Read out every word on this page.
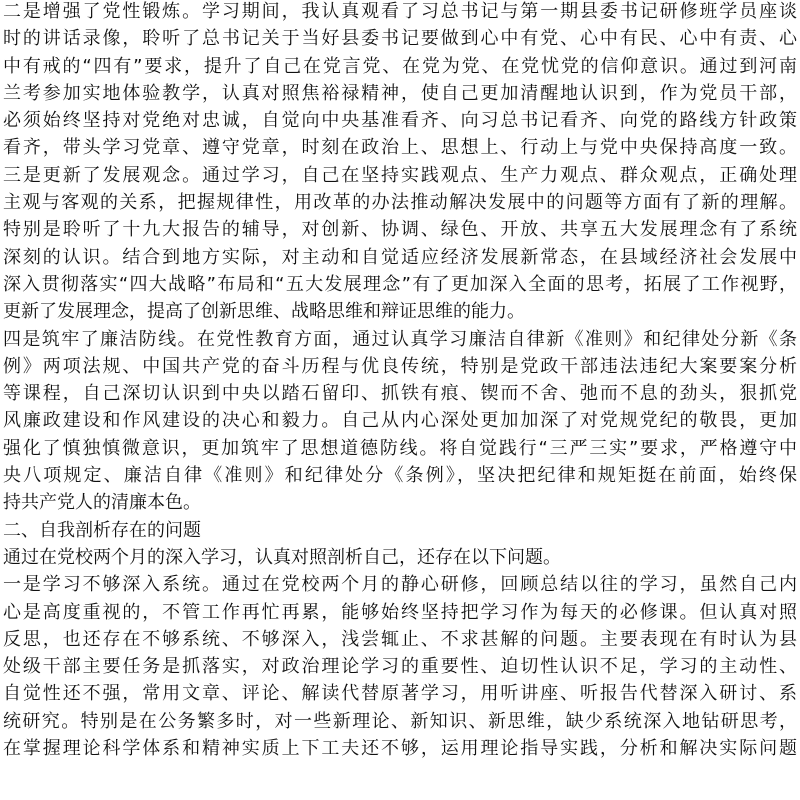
二是增强了党性锻炼。学习期间，我认真观看了习总书记与第一期县委书记研修班学员座谈
时的讲话录像，聆听了总书记关于当好县委书记要做到心中有党、心中有民、心中有责、心
中有戒的“四有”要求，提升了自己在党言党、在党为党、在党忧党的信仰意识。通过到河南
兰考参加实地体验教学，认真对照焦裕禄精神，使自己更加清醒地认识到，作为党员干部，
必须始终坚持对党绝对忠诚，自觉向中央基准看齐、向习总书记看齐、向党的路线方针政策
看齐，带头学习党章、遵守党章，时刻在政治上、思想上、行动上与党中央保持高度一致。
三是更新了发展观念。通过学习，自己在坚持实践观点、生产力观点、群众观点，正确处理
主观与客观的关系，把握规律性，用改革的办法推动解决发展中的问题等方面有了新的理解。
特别是聆听了十九大报告的辅导，对创新、协调、绿色、开放、共享五大发展理念有了系统
深刻的认识。结合到地方实际，对主动和自觉适应经济发展新常态，在县域经济社会发展中
深入贯彻落实“四大战略”布局和“五大发展理念”有了更加深入全面的思考，拓展了工作视野，
更新了发展理念，提高了创新思维、战略思维和辩证思维的能力。
四是筑牢了廉洁防线。在党性教育方面，通过认真学习廉洁自律新《准则》和纪律处分新《条
例》两项法规、中国共产党的奋斗历程与优良传统，特别是党政干部违法违纪大案要案分析
等课程，自己深切认识到中央以踏石留印、抓铁有痕、锲而不舍、弛而不息的劲头，狠抓党
风廉政建设和作风建设的决心和毅力。自己从内心深处更加加深了对党规党纪的敬畏，更加
强化了慎独慎微意识，更加筑牢了思想道德防线。将自觉践行“三严三实”要求，严格遵守中
央八项规定、廉洁自律《准则》和纪律处分《条例》，坚决把纪律和规矩挺在前面，始终保
持共产党人的清廉本色。
二、自我剖析存在的问题
通过在党校两个月的深入学习，认真对照剖析自己，还存在以下问题。
一是学习不够深入系统。通过在党校两个月的静心研修，回顾总结以往的学习，虽然自己内
心是高度重视的，不管工作再忙再累，能够始终坚持把学习作为每天的必修课。但认真对照
反思，也还存在不够系统、不够深入，浅尝辄止、不求甚解的问题。主要表现在有时认为县
处级干部主要任务是抓落实，对政治理论学习的重要性、迫切性认识不足，学习的主动性、
自觉性还不强，常用文章、评论、解读代替原著学习，用听讲座、听报告代替深入研讨、系
统研究。特别是在公务繁多时，对一些新理论、新知识、新思维，缺少系统深入地钻研思考，
在掌握理论科学体系和精神实质上下工夫还不够，运用理论指导实践，分析和解决实际问题
